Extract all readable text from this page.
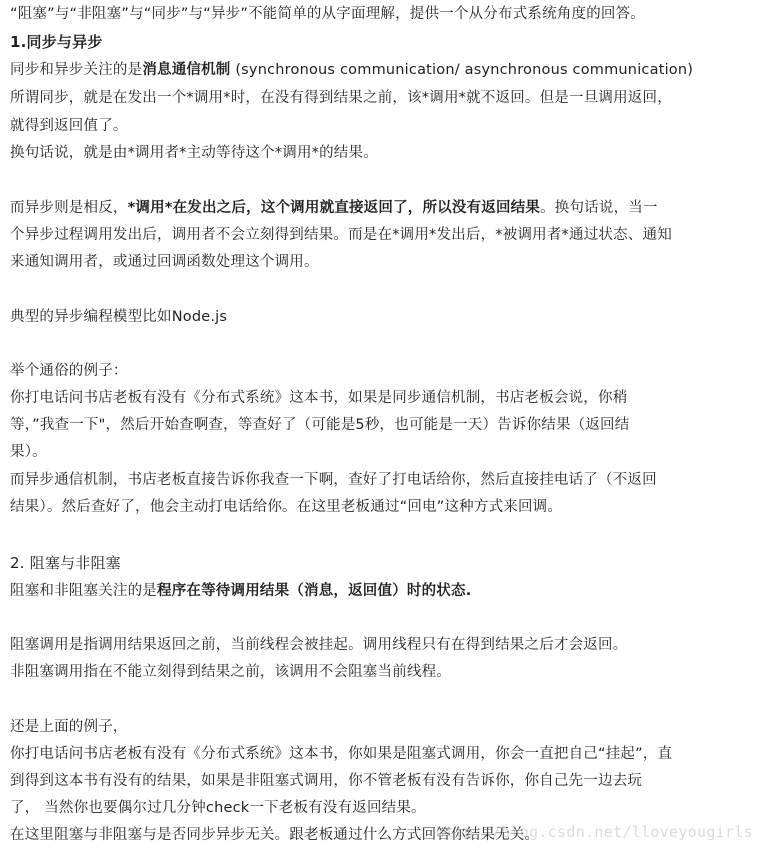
“阻塞”与“非阻塞”与“同步”与“异步”不能简单的从字面理解，提供一个从分布式系统角度的回答。
1.同步与异步
同步和异步关注的是消息通信机制 (synchronous communication/ asynchronous communication)
所谓同步，就是在发出一个*调用*时，在没有得到结果之前，该*调用*就不返回。但是一旦调用返回，
就得到返回值了。
换句话说，就是由*调用者*主动等待这个*调用*的结果。
而异步则是相反，*调用*在发出之后，这个调用就直接返回了，所以没有返回结果。换句话说，当一
个异步过程调用发出后，调用者不会立刻得到结果。而是在*调用*发出后，*被调用者*通过状态、通知
来通知调用者，或通过回调函数处理这个调用。
典型的异步编程模型比如Node.js
举个通俗的例子：
你打电话问书店老板有没有《分布式系统》这本书，如果是同步通信机制，书店老板会说，你稍
等，”我查一下"，然后开始查啊查，等查好了（可能是5秒，也可能是一天）告诉你结果（返回结
果）。
而异步通信机制，书店老板直接告诉你我查一下啊，查好了打电话给你，然后直接挂电话了（不返回
结果）。然后查好了，他会主动打电话给你。在这里老板通过“回电”这种方式来回调。
2. 阻塞与非阻塞
阻塞和非阻塞关注的是程序在等待调用结果（消息，返回值）时的状态.
阻塞调用是指调用结果返回之前，当前线程会被挂起。调用线程只有在得到结果之后才会返回。
非阻塞调用指在不能立刻得到结果之前，该调用不会阻塞当前线程。
还是上面的例子，
你打电话问书店老板有没有《分布式系统》这本书，你如果是阻塞式调用，你会一直把自己“挂起”，直
到得到这本书有没有的结果，如果是非阻塞式调用，你不管老板有没有告诉你，你自己先一边去玩
了， 当然你也要偶尔过几分钟check一下老板有没有返回结果。
在这里阻塞与非阻塞与是否同步异步无关。跟老板通过什么方式回答你结果无关。
http://blog.csdn.net/lloveyougirls
